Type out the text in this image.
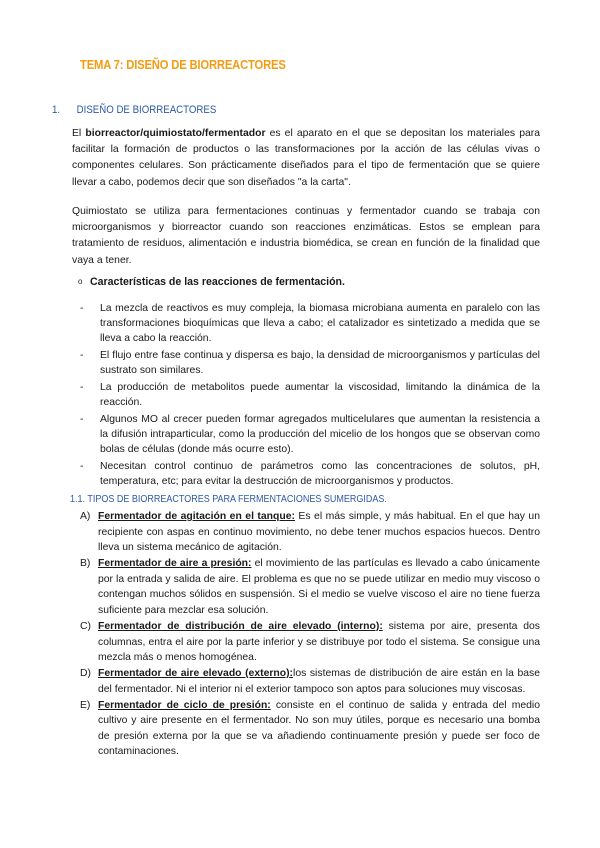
TEMA 7: DISEÑO DE BIORREACTORES
1. DISEÑO DE BIORREACTORES
El biorreactor/quimiostato/fermentador es el aparato en el que se depositan los materiales para facilitar la formación de productos o las transformaciones por la acción de las células vivas o componentes celulares. Son prácticamente diseñados para el tipo de fermentación que se quiere llevar a cabo, podemos decir que son diseñados "a la carta".
Quimiostato se utiliza para fermentaciones continuas y fermentador cuando se trabaja con microorganismos y biorreactor cuando son reacciones enzimáticas. Estos se emplean para tratamiento de residuos, alimentación e industria biomédica, se crean en función de la finalidad que vaya a tener.
o Características de las reacciones de fermentación.
- La mezcla de reactivos es muy compleja, la biomasa microbiana aumenta en paralelo con las transformaciones bioquímicas que lleva a cabo; el catalizador es sintetizado a medida que se lleva a cabo la reacción.
- El flujo entre fase continua y dispersa es bajo, la densidad de microorganismos y partículas del sustrato son similares.
- La producción de metabolitos puede aumentar la viscosidad, limitando la dinámica de la reacción.
- Algunos MO al crecer pueden formar agregados multicelulares que aumentan la resistencia a la difusión intraparticular, como la producción del micelio de los hongos que se observan como bolas de células (donde más ocurre esto).
- Necesitan control continuo de parámetros como las concentraciones de solutos, pH, temperatura, etc; para evitar la destrucción de microorganismos y productos.
1.1. TIPOS DE BIORREACTORES PARA FERMENTACIONES SUMERGIDAS.
A) Fermentador de agitación en el tanque: Es el más simple, y más habitual. En el que hay un recipiente con aspas en continuo movimiento, no debe tener muchos espacios huecos. Dentro lleva un sistema mecánico de agitación.
B) Fermentador de aire a presión: el movimiento de las partículas es llevado a cabo únicamente por la entrada y salida de aire. El problema es que no se puede utilizar en medio muy viscoso o contengan muchos sólidos en suspensión. Si el medio se vuelve viscoso el aire no tiene fuerza suficiente para mezclar esa solución.
C) Fermentador de distribución de aire elevado (interno): sistema por aire, presenta dos columnas, entra el aire por la parte inferior y se distribuye por todo el sistema. Se consigue una mezcla más o menos homogénea.
D) Fermentador de aire elevado (externo):los sistemas de distribución de aire están en la base del fermentador. Ni el interior ni el exterior tampoco son aptos para soluciones muy viscosas.
E) Fermentador de ciclo de presión: consiste en el continuo de salida y entrada del medio cultivo y aire presente en el fermentador. No son muy útiles, porque es necesario una bomba de presión externa por la que se va añadiendo continuamente presión y puede ser foco de contaminaciones.
